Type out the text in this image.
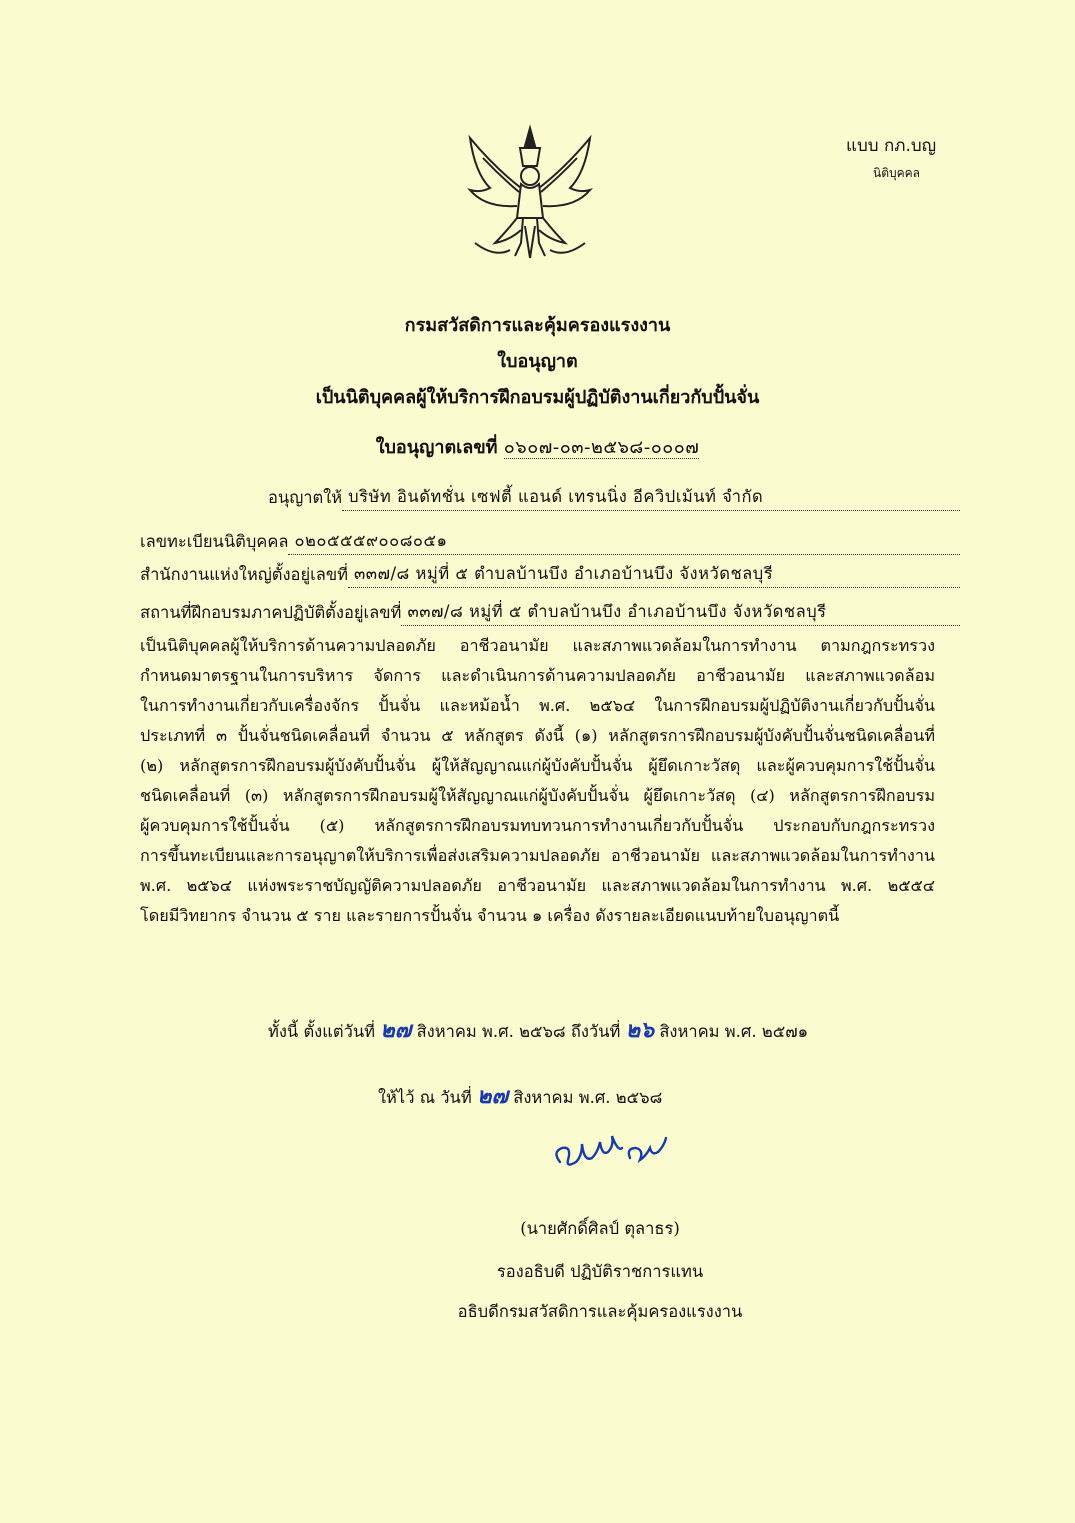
แบบ กภ.บญ
นิติบุคคล
กรมสวัสดิการและคุ้มครองแรงงาน
ใบอนุญาต
เป็นนิติบุคคลผู้ให้บริการฝึกอบรมผู้ปฏิบัติงานเกี่ยวกับปั้นจั่น
ใบอนุญาตเลขที่ ๐๖๐๗-๐๓-๒๕๖๘-๐๐๐๗
อนุญาตให้ บริษัท อินดัทชั่น เซฟตี้ แอนด์ เทรนนิ่ง อีควิปเม้นท์ จำกัด
เลขทะเบียนนิติบุคคล ๐๒๐๕๕๕๙๐๐๘๐๕๑
สำนักงานแห่งใหญ่ตั้งอยู่เลขที่ ๓๓๗/๘ หมู่ที่ ๕ ตำบลบ้านบึง อำเภอบ้านบึง จังหวัดชลบุรี
สถานที่ฝึกอบรมภาคปฏิบัติตั้งอยู่เลขที่ ๓๓๗/๘ หมู่ที่ ๕ ตำบลบ้านบึง อำเภอบ้านบึง จังหวัดชลบุรี
เป็นนิติบุคคลผู้ให้บริการด้านความปลอดภัย อาชีวอนามัย และสภาพแวดล้อมในการทำงาน ตามกฎกระทรวง
กำหนดมาตรฐานในการบริหาร จัดการ และดำเนินการด้านความปลอดภัย อาชีวอนามัย และสภาพแวดล้อม
ในการทำงานเกี่ยวกับเครื่องจักร ปั้นจั่น และหม้อน้ำ พ.ศ. ๒๕๖๔ ในการฝึกอบรมผู้ปฏิบัติงานเกี่ยวกับปั้นจั่น
ประเภทที่ ๓ ปั้นจั่นชนิดเคลื่อนที่ จำนวน ๕ หลักสูตร ดังนี้ (๑) หลักสูตรการฝึกอบรมผู้บังคับปั้นจั่นชนิดเคลื่อนที่
(๒) หลักสูตรการฝึกอบรมผู้บังคับปั้นจั่น ผู้ให้สัญญาณแก่ผู้บังคับปั้นจั่น ผู้ยึดเกาะวัสดุ และผู้ควบคุมการใช้ปั้นจั่น
ชนิดเคลื่อนที่ (๓) หลักสูตรการฝึกอบรมผู้ให้สัญญาณแก่ผู้บังคับปั้นจั่น ผู้ยึดเกาะวัสดุ (๔) หลักสูตรการฝึกอบรม
ผู้ควบคุมการใช้ปั้นจั่น (๕) หลักสูตรการฝึกอบรมทบทวนการทำงานเกี่ยวกับปั้นจั่น ประกอบกับกฎกระทรวง
การขึ้นทะเบียนและการอนุญาตให้บริการเพื่อส่งเสริมความปลอดภัย อาชีวอนามัย และสภาพแวดล้อมในการทำงาน
พ.ศ. ๒๕๖๔ แห่งพระราชบัญญัติความปลอดภัย อาชีวอนามัย และสภาพแวดล้อมในการทำงาน พ.ศ. ๒๕๕๔
โดยมีวิทยากร จำนวน ๕ ราย และรายการปั้นจั่น จำนวน ๑ เครื่อง ดังรายละเอียดแนบท้ายใบอนุญาตนี้
ทั้งนี้ ตั้งแต่วันที่ ๒๗ สิงหาคม พ.ศ. ๒๕๖๘ ถึงวันที่ ๒๖ สิงหาคม พ.ศ. ๒๕๗๑
ให้ไว้ ณ วันที่ ๒๗ สิงหาคม พ.ศ. ๒๕๖๘
(นายศักดิ์ศิลป์ ตุลาธร)
รองอธิบดี ปฏิบัติราชการแทน
อธิบดีกรมสวัสดิการและคุ้มครองแรงงาน
